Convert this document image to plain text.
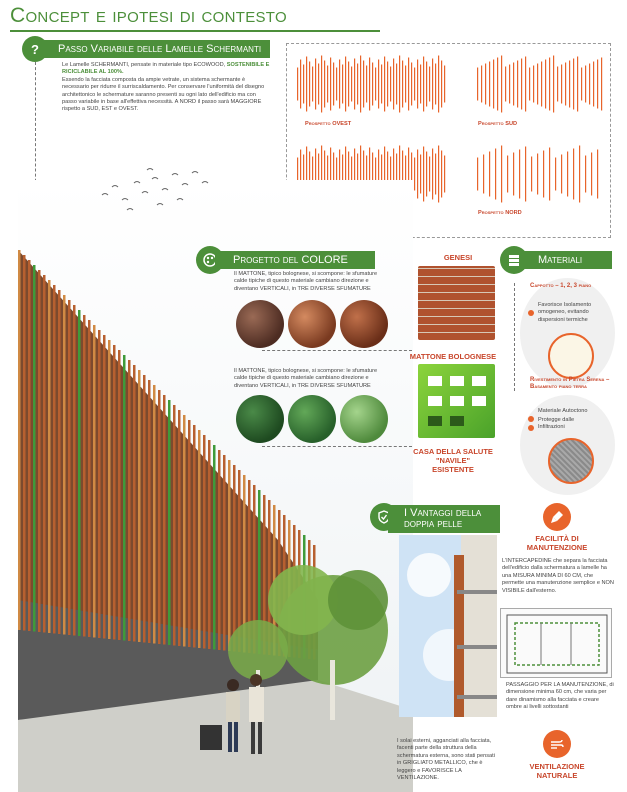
Concept e ipotesi di contesto
?	Passo Variabile delle Lamelle Schermanti
Le Lamelle SCHERMANTI, pensate in materiale tipo ECOWOOD, SOSTENIBILE E RICICLABILE AL 100%.
Essendo la facciata composta da ampie vetrate, un sistema schermante è necessario per ridurre il surriscaldamento. Per conservare l'uniformità del disegno architettonico le schermature saranno presenti su ogni lato dell'edificio ma con passo variabile in base all'effettiva necessità. A NORD il passo sarà MAGGIORE rispetto a SUD, EST e OVEST.
Prospetto OVEST	Prospetto SUD
Prospetto NORD
Progetto del COLORE
Il MATTONE, tipico bolognese, si scompone: le sfumature calde tipiche di questo materiale cambiano direzione e diventano VERTICALI, in TRE DIVERSE SFUMATURE
Il MATTONE, tipico bolognese, si scompone: le sfumature calde tipiche di questo materiale cambiano direzione e diventano VERTICALI, in TRE DIVERSE SFUMATURE
GENESI
MATTONE BOLOGNESE
CASA DELLA SALUTE "NAVILE"
ESISTENTE
Materiali
Cappotto – 1, 2, 3 piano
Favorisce Isolamento omogeneo, evitando dispersioni termiche
Rivestimento in Pietra Serena – Basamento piano terra
Materiale Autoctono
Protegge dalle Infiltrazioni
I Vantaggi della
doppia pelle
FACILITÀ DI MANUTENZIONE
L'INTERCAPEDINE che separa la facciata dell'edificio dalla schermatura a lamelle ha una MISURA MINIMA DI 60 CM, che permette una manutenzione semplice e NON VISIBILE dall'esterno.
PASSAGGIO PER LA MANUTENZIONE, di dimensione minima 60 cm, che varia per dare dinamismo alla facciata e creare ombre ai livelli sottostanti
I solai esterni, agganciati alla facciata, facenti parte della struttura della schermatura esterna, sono stati pensati in GRIGLIATO METALLICO, che è leggero e FAVORISCE LA VENTILAZIONE.
VENTILAZIONE NATURALE
